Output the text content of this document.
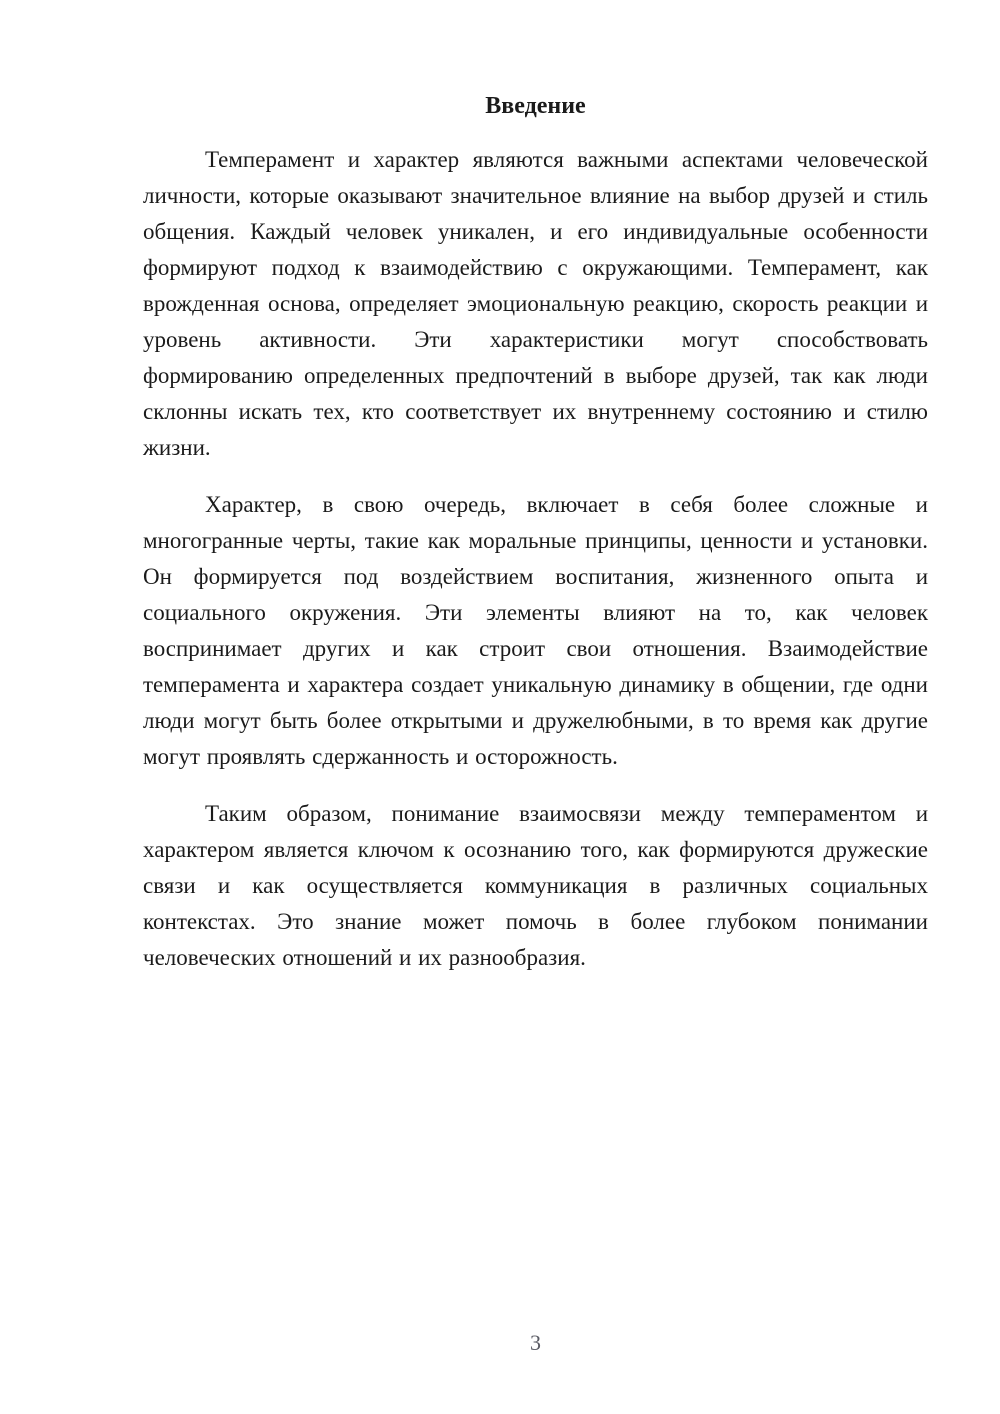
Введение

Темперамент и характер являются важными аспектами человеческой личности, которые оказывают значительное влияние на выбор друзей и стиль общения. Каждый человек уникален, и его индивидуальные особенности формируют подход к взаимодействию с окружающими. Темперамент, как врожденная основа, определяет эмоциональную реакцию, скорость реакции и уровень активности. Эти характеристики могут способствовать формированию определенных предпочтений в выборе друзей, так как люди склонны искать тех, кто соответствует их внутреннему состоянию и стилю жизни.

Характер, в свою очередь, включает в себя более сложные и многогранные черты, такие как моральные принципы, ценности и установки. Он формируется под воздействием воспитания, жизненного опыта и социального окружения. Эти элементы влияют на то, как человек воспринимает других и как строит свои отношения. Взаимодействие темперамента и характера создает уникальную динамику в общении, где одни люди могут быть более открытыми и дружелюбными, в то время как другие могут проявлять сдержанность и осторожность.

Таким образом, понимание взаимосвязи между темпераментом и характером является ключом к осознанию того, как формируются дружеские связи и как осуществляется коммуникация в различных социальных контекстах. Это знание может помочь в более глубоком понимании человеческих отношений и их разнообразия.

3
